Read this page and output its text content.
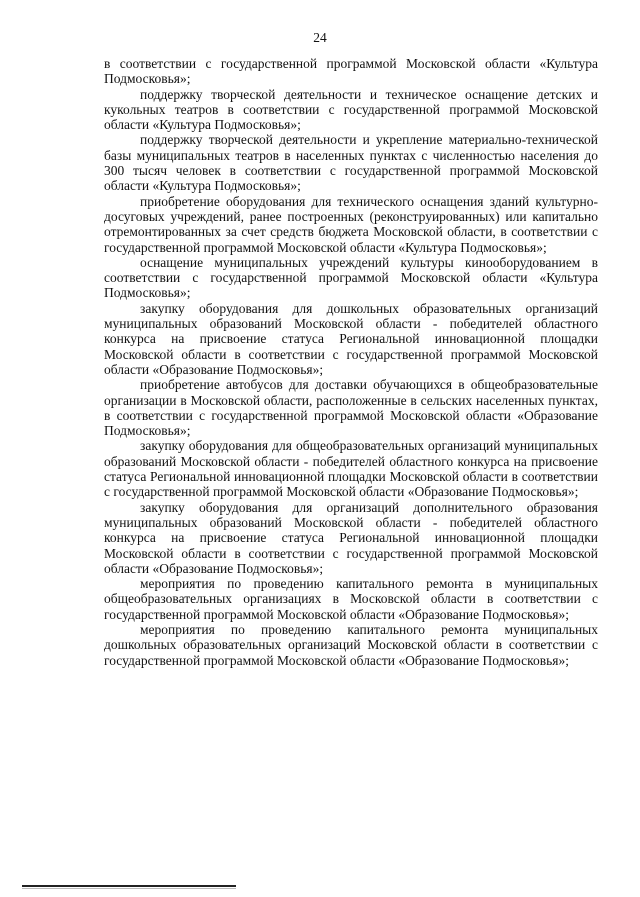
24

в соответствии с государственной программой Московской области «Культура Подмосковья»;

поддержку творческой деятельности и техническое оснащение детских и кукольных театров в соответствии с государственной программой Московской области «Культура Подмосковья»;

поддержку творческой деятельности и укрепление материально-технической базы муниципальных театров в населенных пунктах с численностью населения до 300 тысяч человек в соответствии с государственной программой Московской области «Культура Подмосковья»;

приобретение оборудования для технического оснащения зданий культурно-досуговых учреждений, ранее построенных (реконструированных) или капитально отремонтированных за счет средств бюджета Московской области, в соответствии с государственной программой Московской области «Культура Подмосковья»;

оснащение муниципальных учреждений культуры кинооборудованием в соответствии с государственной программой Московской области «Культура Подмосковья»;

закупку оборудования для дошкольных образовательных организаций муниципальных образований Московской области - победителей областного конкурса на присвоение статуса Региональной инновационной площадки Московской области в соответствии с государственной программой Московской области «Образование Подмосковья»;

приобретение автобусов для доставки обучающихся в общеобразовательные организации в Московской области, расположенные в сельских населенных пунктах, в соответствии с государственной программой Московской области «Образование Подмосковья»;

закупку оборудования для общеобразовательных организаций муниципальных образований Московской области - победителей областного конкурса на присвоение статуса Региональной инновационной площадки Московской области в соответствии с государственной программой Московской области «Образование Подмосковья»;

закупку оборудования для организаций дополнительного образования муниципальных образований Московской области - победителей областного конкурса на присвоение статуса Региональной инновационной площадки Московской области в соответствии с государственной программой Московской области «Образование Подмосковья»;

мероприятия по проведению капитального ремонта в муниципальных общеобразовательных организациях в Московской области в соответствии с государственной программой Московской области «Образование Подмосковья»;

мероприятия по проведению капитального ремонта муниципальных дошкольных образовательных организаций Московской области в соответствии с государственной программой Московской области «Образование Подмосковья»;
